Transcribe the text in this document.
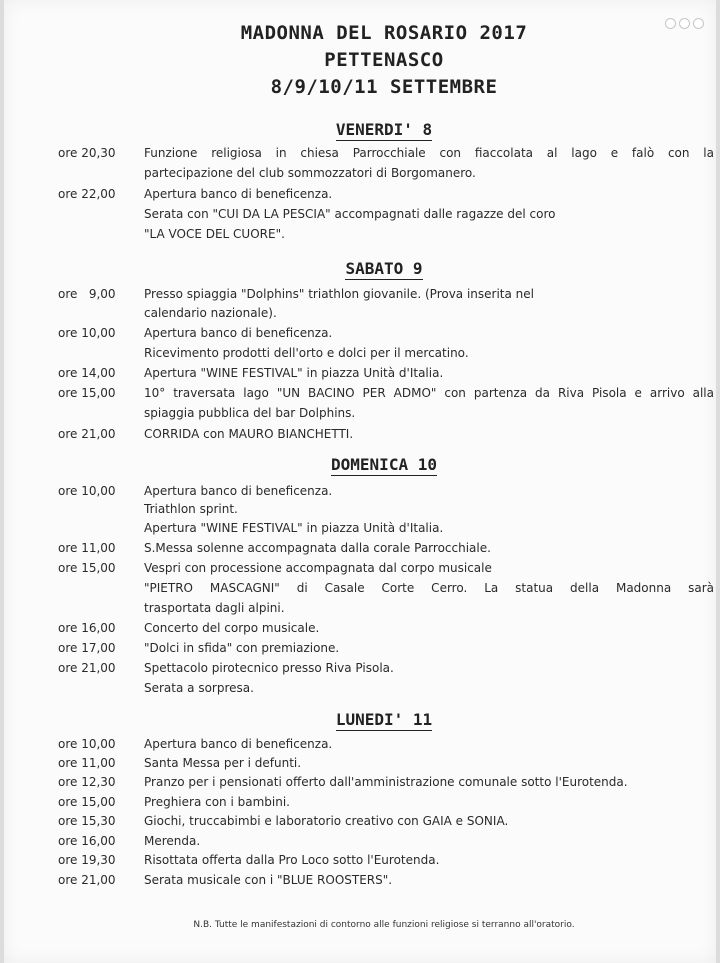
MADONNA DEL ROSARIO 2017
PETTENASCO
8/9/10/11 SETTEMBRE
VENERDI' 8
ore 20,30	Funzione religiosa in chiesa Parrocchiale con fiaccolata al lago e falò con la
partecipazione del club sommozzatori di Borgomanero.
ore 22,00	Apertura banco di beneficenza.
Serata con "CUI DA LA PESCIA" accompagnati dalle ragazze del coro
"LA VOCE DEL CUORE".
SABATO 9
ore   9,00	Presso spiaggia "Dolphins" triathlon giovanile. (Prova inserita nel
calendario nazionale).
ore 10,00	Apertura banco di beneficenza.
Ricevimento prodotti dell'orto e dolci per il mercatino.
ore 14,00	Apertura "WINE FESTIVAL" in piazza Unità d'Italia.
ore 15,00	10° traversata lago "UN BACINO PER ADMO" con partenza da Riva Pisola e arrivo alla
spiaggia pubblica del bar Dolphins.
ore 21,00	CORRIDA con MAURO BIANCHETTI.
DOMENICA 10
ore 10,00	Apertura banco di beneficenza.
Triathlon sprint.
Apertura "WINE FESTIVAL" in piazza Unità d'Italia.
ore 11,00	S.Messa solenne accompagnata dalla corale Parrocchiale.
ore 15,00	Vespri con processione accompagnata dal corpo musicale
"PIETRO MASCAGNI" di Casale Corte Cerro. La statua della Madonna sarà
trasportata dagli alpini.
ore 16,00	Concerto del corpo musicale.
ore 17,00	"Dolci in sfida" con premiazione.
ore 21,00	Spettacolo pirotecnico presso Riva Pisola.
Serata a sorpresa.
LUNEDI' 11
ore 10,00	Apertura banco di beneficenza.
ore 11,00	Santa Messa per i defunti.
ore 12,30	Pranzo per i pensionati offerto dall'amministrazione comunale sotto l'Eurotenda.
ore 15,00	Preghiera con i bambini.
ore 15,30	Giochi, truccabimbi e laboratorio creativo con GAIA e SONIA.
ore 16,00	Merenda.
ore 19,30	Risottata offerta dalla Pro Loco sotto l'Eurotenda.
ore 21,00	Serata musicale con i "BLUE ROOSTERS".
N.B. Tutte le manifestazioni di contorno alle funzioni religiose si terranno all'oratorio.
